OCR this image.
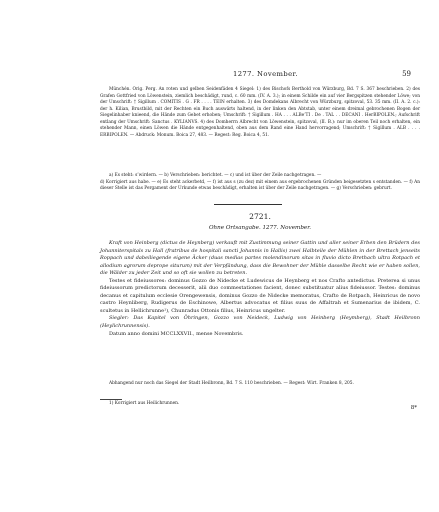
1277. November.	59

Münchén. Orig. Perg. An roten und gelben Seidenfäden 4 Siegel: 1) des Bischofs Berthold von Würzburg, Bd. 7 S. 367 beschrieben. 2) des Grafen Gottfried von Löwenstein, ziemlich beschädigt, rund, c. 60 mm. (IV. A. 3.); in einem Schilde ein auf vier Bergspitzen stehender Löwe; von der Umschrift: † Sigillum . COMITIS . G . FR . . . . TEIN erhalten. 3) des Domdekans Albrecht von Würzburg, spitzoval, 53. 35 mm. (II. A. 2. c.): der h. Kilian, Brustbild, mit der Rechten ein Buch auswärts haltend, in der linken den Abtstab, unter einem dreimal gebrochenen Bogen der Siegelinhaber knieend, die Hände zum Gebet erhoben; Umschrift: † Sigillum . HA . . . ALBe’TI . De . TAL . . DECANI . HerBIPOLEN.; Aufschrift entlang der Umschrift: Sanctus . KYLIANVS. 4) des Domherrn Albrecht von Löwenstein, spitzoval, (II. B.): nur im oberen Teil noch erhalten, ein stehender Mann, einen Löwen die Hände entgegenhaltend, oben aus dem Rand eine Hand hervorragend; Umschrift: † Sigillum . ALB . . . . ERBIPOLEN. — Abdruck: Monum. Boica 27, 483. — Regest: Reg. Boica 4, 51.

a) Es steht: s’wirdern. — b) Verschrieben: berichtet. — c) und ist über der Zeile nachgetragen. —

d) Korrigiert aus habe. — e) Es steht ackerbetd, — f) ist aus s (zu dez) mit einem aus ergebrochenen Gründen beigesetzten s entstanden. — f) An dieser Stelle ist das Pergament der Urkunde etwas beschädigt, erhalten ist über der Zeile nachgetragen. — g) Verschrieben: gebrurt.

2721.
Ohne Ortsangabe. 1277. November.

Kraft von Heinberg (dictus de Heynberg) verkauft mit Zustimmung seiner Gattin und aller seiner Erben den Brüdern des Johanniterspitals zu Hall (fratribus de hospitali sancti Johannis in Hallis) zwei Halbteile der Mühlen in der Brettach jenseits Roppach und dabeiliegende eigene Äcker (duas medias partes molendinorum sitas in fluvio dicto Brethach ultra Rotpach et allodium agrorum deprope siturum) mit der Verpfändung, dass die Bewohner der Mühle dasselbe Recht wie er haben sollen, die Wälder zu jeder Zeit und so oft sie wollen zu betreten.

Testes et fideiussores: dominus Gozzo de Nidecke et Ludewicus de Heynberg et nos Crafto antedictus. Preterea si unus fideiussorum predictorum decesserit, alii duo commestationes facient, donec substituatur alius fideiussor. Testes: dominus decanus et capitulum ecclesie Orengewensis, dominus Gozzo de Nidecke memoratus, Crafto de Rotpach, Heinricus de novo castro Heynliberg, Rudigerus de Eschinowe, Albertus advocatus et filius suus de Affaltrah et Sumenarius de ibidem, C. scultetus in Hellichrunne¹), Chunradus Ottonis filius, Heinricus ungelter.

Siegler: Das Kapitel von Öhringen, Gozzo von Neideck, Ludwig von Heinberg (Heymberg), Stadt Heilbronn (Heylichrunnensis).

Datum anno domini MCCLXXVII., mense Novembris.

Abhangend nur noch das Siegel der Stadt Heilbronn, Bd. 7 S. 110 beschrieben. — Regest: Wirt. Franken 8, 205.

1) Korrigiert aus Heilichrunnen.

8*
